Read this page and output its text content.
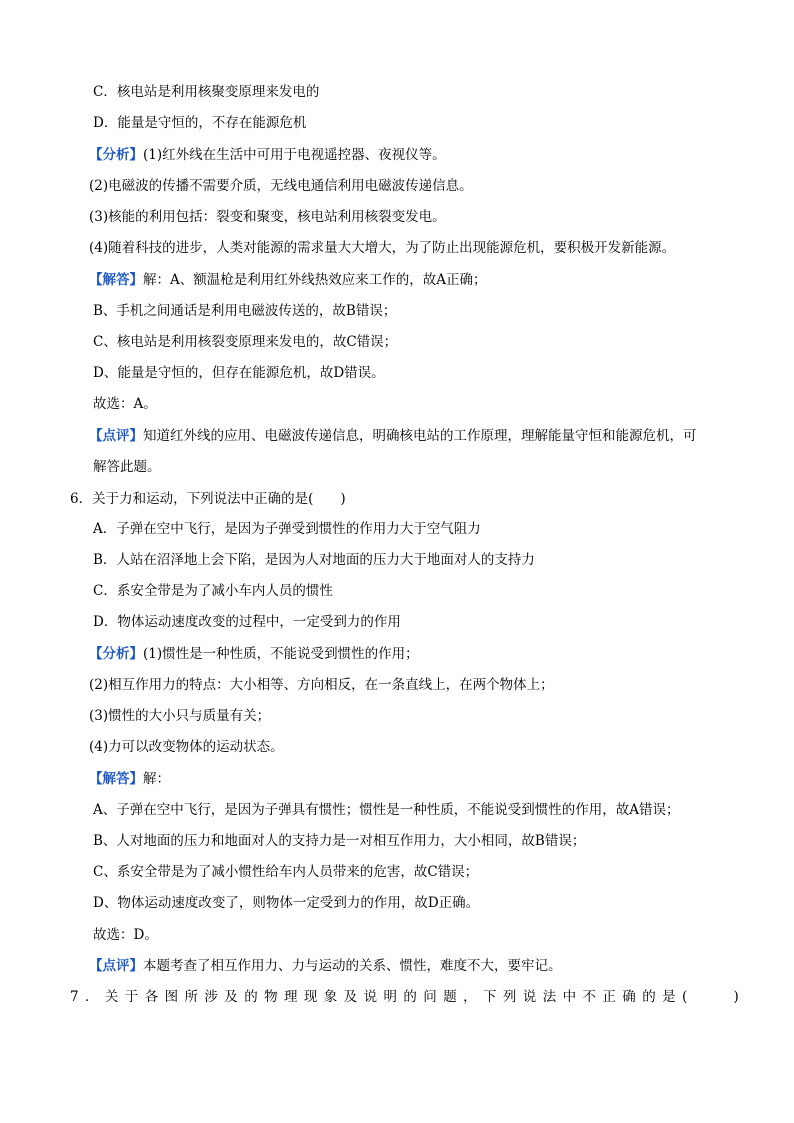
C．核电站是利用核聚变原理来发电的
D．能量是守恒的，不存在能源危机
【分析】(1)红外线在生活中可用于电视遥控器、夜视仪等。
(2)电磁波的传播不需要介质，无线电通信利用电磁波传递信息。
(3)核能的利用包括：裂变和聚变，核电站利用核裂变发电。
(4)随着科技的进步，人类对能源的需求量大大增大，为了防止出现能源危机，要积极开发新能源。
【解答】解：A、额温枪是利用红外线热效应来工作的，故A正确；
B、手机之间通话是利用电磁波传送的，故B错误；
C、核电站是利用核裂变原理来发电的，故C错误；
D、能量是守恒的，但存在能源危机，故D错误。
故选：A。
【点评】知道红外线的应用、电磁波传递信息，明确核电站的工作原理，理解能量守恒和能源危机，可
解答此题。
6．关于力和运动，下列说法中正确的是(　　)
A．子弹在空中飞行，是因为子弹受到惯性的作用力大于空气阻力
B．人站在沼泽地上会下陷，是因为人对地面的压力大于地面对人的支持力
C．系安全带是为了减小车内人员的惯性
D．物体运动速度改变的过程中，一定受到力的作用
【分析】(1)惯性是一种性质，不能说受到惯性的作用；
(2)相互作用力的特点：大小相等、方向相反，在一条直线上，在两个物体上；
(3)惯性的大小只与质量有关；
(4)力可以改变物体的运动状态。
【解答】解：
A、子弹在空中飞行，是因为子弹具有惯性；惯性是一种性质，不能说受到惯性的作用，故A错误；
B、人对地面的压力和地面对人的支持力是一对相互作用力，大小相同，故B错误；
C、系安全带是为了减小惯性给车内人员带来的危害，故C错误；
D、物体运动速度改变了，则物体一定受到力的作用，故D正确。
故选：D。
【点评】本题考查了相互作用力、力与运动的关系、惯性，难度不大，要牢记。
7．关于各图所涉及的物理现象及说明的问题，下列说法中不正确的是(　　)
